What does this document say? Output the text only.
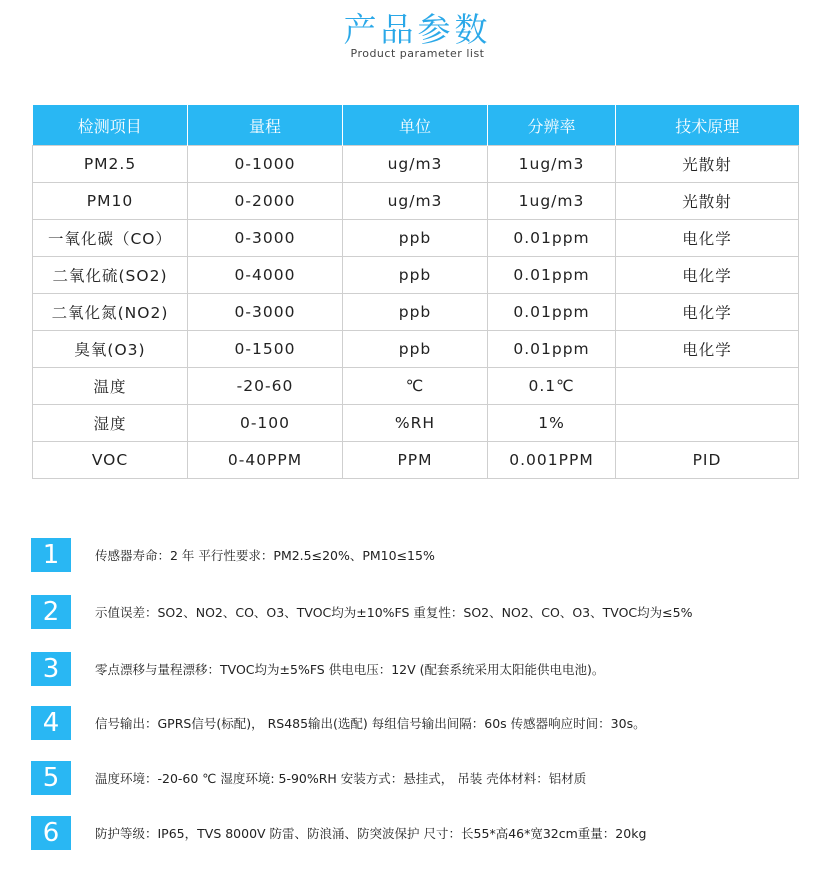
产品参数
Product parameter list
检测项目	量程	单位	分辨率	技术原理
PM2.5	0-1000	ug/m3	1ug/m3	光散射
PM10	0-2000	ug/m3	1ug/m3	光散射
一氧化碳（CO）	0-3000	ppb	0.01ppm	电化学
二氧化硫(SO2)	0-4000	ppb	0.01ppm	电化学
二氧化氮(NO2)	0-3000	ppb	0.01ppm	电化学
臭氧(O3)	0-1500	ppb	0.01ppm	电化学
温度	-20-60	℃	0.1℃	
湿度	0-100	%RH	1%	
VOC	0-40PPM	PPM	0.001PPM	PID
1	传感器寿命：2 年 平行性要求：PM2.5≤20%、PM10≤15%
2	示值误差：SO2、NO2、CO、O3、TVOC均为±10%FS 重复性：SO2、NO2、CO、O3、TVOC均为≤5%
3	零点漂移与量程漂移：TVOC均为±5%FS 供电电压：12V (配套系统采用太阳能供电电池)。
4	信号输出：GPRS信号(标配)， RS485输出(选配) 每组信号输出间隔：60s 传感器响应时间：30s。
5	温度环境：-20-60 ℃ 湿度环境: 5-90%RH 安装方式：悬挂式， 吊装 壳体材料：铝材质
6	防护等级：IP65，TVS 8000V 防雷、防浪涌、防突波保护 尺寸：长55*高46*宽32cm重量：20kg
